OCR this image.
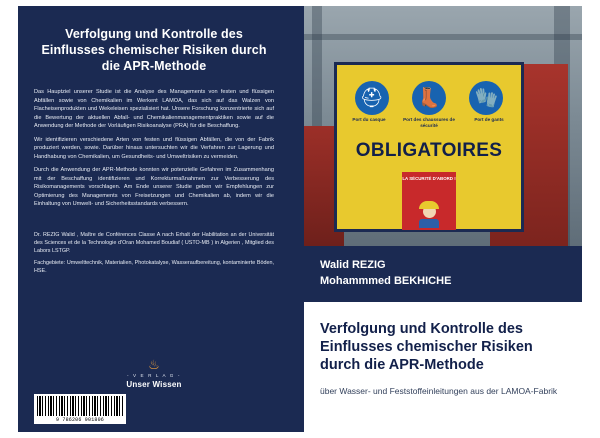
Verfolgung und Kontrolle des Einflusses chemischer Risiken durch die APR-Methode

Das Hauptziel unserer Studie ist die Analyse des Managements von festen und flüssigen Abfällen sowie von Chemikalien im Werkent LAMOA, das sich auf das Walzen von Flacheisenprodukten und Wekeleisen spezialisiert hat. Unsere Forschung konzentrierte sich auf die Bewertung der aktuellen Abfall- und Chemikalienmanagementpraktiken sowie auf die Anwendung der Methode der Vorläufigen Risikoanalyse (PRA) für die Beschaffung.

Wir identifizieren verschiedene Arten von festen und flüssigen Abfällen, die von der Fabrik produziert werden, sowie. Darüber hinaus untersuchten wir die Verfahren zur Lagerung und Handhabung von Chemikalien, um Gesundheits- und Umweltrisiken zu vermeiden.

Durch die Anwendung der APR-Methode konnten wir potenzielle Gefahren im Zusammenhang mit der Beschaffung identifizieren und Korrekturmaßnahmen zur Verbesserung des Risikomanagements vorschlagen. Am Ende unserer Studie geben wir Empfehlungen zur Optimierung des Managements von Freisetzungen und Chemikalien ab, indem wir die Einhaltung von Umwelt- und Sicherheitsstandards verbessern.

Dr. REZIG Walid , Maître de Conférences Classe A nach Erhalt der Habilitation an der Universität des Sciences et de la Technologie d'Oran Mohamed Boudiaf ( USTO-MB ) in Algerien , Mitglied des Labors LSTGP.

Fachgebiete: Umwelttechnik, Materialien, Photokatalyse, Wasseraufbereitung, kontaminierte Böden, HSE.

♨
- V E R L A G -
Unser Wissen
9 786206 901806
⛑ 👢 🧤
Port du casque	Port des chaussures de sécurité
Port de gants
OBLIGATOIRES
LA SÉCURITÉ D'ABORD !
Walid REZIG
Mohammmed BEKHICHE
Verfolgung und Kontrolle des Einflusses chemischer Risiken durch die APR-Methode
über Wasser- und Feststoffeinleitungen aus der LAMOA-Fabrik
